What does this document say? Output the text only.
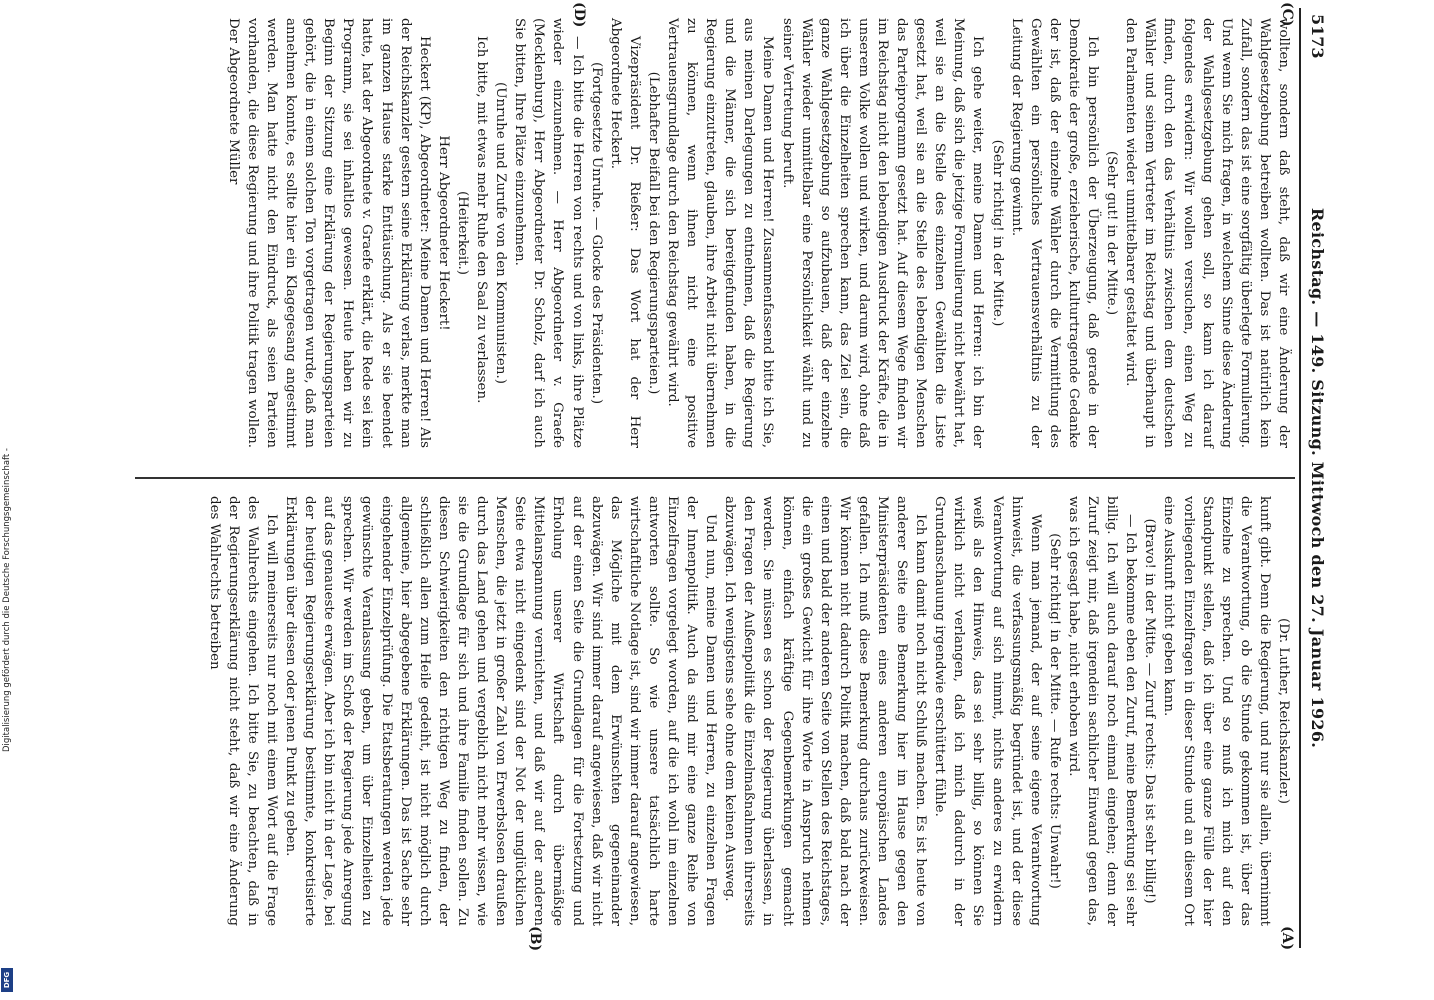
Digitalisierung gefördert durch die Deutsche Forschungsgemeinschaft -
DFG
Reichstag. — 149. Sitzung. Mittwoch den 27. Januar 1926.
5173
(A)
(B)
(C)
(D)

(Dr. Luther, Reichskanzler.)

kunft gibt. Denn die Regierung, und nur sie allein, übernimmt die Verantwortung, ob die Stunde gekommen ist, über das Einzelne zu sprechen. Und so muß ich mich auf den Standpunkt stellen, daß ich über eine ganze Fülle der hier vorliegenden Einzelfragen in dieser Stunde und an diesem Ort eine Auskunft nicht geben kann.

(Bravo! in der Mitte. — Zuruf rechts: Das ist sehr billig!)

— Ich bekomme eben den Zuruf, meine Bemerkung sei sehr billig. Ich will auch darauf noch einmal eingehen; denn der Zuruf zeigt mir, daß irgendein sachlicher Einwand gegen das, was ich gesagt habe, nicht erhoben wird.

(Sehr richtig! in der Mitte. — Rufe rechts: Unwahr!)

Wenn man jemand, der auf seine eigene Verantwortung hinweist, die verfassungsmäßig begründet ist, und der diese Verantwortung auf sich nimmt, nichts anderes zu erwidern weiß als den Hinweis, das sei sehr billig, so können Sie wirklich nicht verlangen, daß ich mich dadurch in der Grundanschauung irgendwie erschüttert fühle.

Ich kann damit noch nicht Schluß machen. Es ist heute von anderer Seite eine Bemerkung hier im Hause gegen den Ministerpräsidenten eines anderen europäischen Landes gefallen. Ich muß diese Bemerkung durchaus zurückweisen. Wir können nicht dadurch Politik machen, daß bald nach der einen und bald der anderen Seite von Stellen des Reichstages, die ein großes Gewicht für ihre Worte in Anspruch nehmen können, einfach kräftige Gegenbemerkungen gemacht werden. Sie müssen es schon der Regierung überlassen, in den Fragen der Außenpolitik die Einzelmaßnahmen ihrerseits abzuwägen. Ich wenigstens sehe ohne dem keinen Ausweg.

Und nun, meine Damen und Herren, zu einzelnen Fragen der Innenpolitik. Auch da sind mir eine ganze Reihe von Einzelfragen vorgelegt worden, auf die ich wohl im einzelnen antworten sollte. So wie unsere tatsächlich harte wirtschaftliche Notlage ist, sind wir immer darauf angewiesen, das Mögliche mit dem Erwünschten gegeneinander abzuwägen. Wir sind immer darauf angewiesen, daß wir nicht auf der einen Seite die Grundlagen für die Fortsetzung und Erholung unserer Wirtschaft durch übermäßige Mittelanspannung vernichten, und daß wir auf der anderen Seite etwa nicht eingedenk sind der Not der unglücklichen Menschen, die jetzt in großer Zahl von Erwerbslosen draußen durch das Land gehen und vergeblich nicht mehr wissen, wie sie die Grundlage für sich und ihre Familie finden sollen. Zu diesen Schwierigkeiten den richtigen Weg zu finden, der schließlich allen zum Heile gedeiht, ist nicht möglich durch allgemeine, hier abgegebene Erklärungen. Das ist Sache sehr eingehender Einzelprüfung. Die Etatsberatungen werden jede gewünschte Veranlassung geben, um über Einzelheiten zu sprechen. Wir werden im Schoß der Regierung jede Anregung auf das genaueste erwägen. Aber ich bin nicht in der Lage, bei der heutigen Regierungserklärung bestimmte, konkretisierte Erklärungen über diesen oder jenen Punkt zu geben.

Ich will meinerseits nur noch mit einem Wort auf die Frage des Wahlrechts eingehen. Ich bitte Sie, zu beachten, daß in der Regierungserklärung nicht steht, daß wir eine Änderung des Wahlrechts betreiben

wollten, sondern daß steht, daß wir eine Änderung der Wahlgesetzgebung betreiben wollten. Das ist natürlich kein Zufall, sondern das ist eine sorgfältig überlegte Formulierung. Und wenn Sie mich fragen, in welchem Sinne diese Änderung der Wahlgesetzgebung gehen soll, so kann ich darauf folgendes erwidern: Wir wollen versuchen, einen Weg zu finden, durch den das Verhältnis zwischen dem deutschen Wähler und seinem Vertreter im Reichstag und überhaupt in den Parlamenten wieder unmittelbarer gestaltet wird.

(Sehr gut! in der Mitte.)

Ich bin persönlich der Überzeugung, daß gerade in der Demokratie der große, erzieherische, kulturtragende Gedanke der ist, daß der einzelne Wähler durch die Vermittlung des Gewählten ein persönliches Vertrauensverhältnis zu der Leitung der Regierung gewinnt.

(Sehr richtig! in der Mitte.)

Ich gehe weiter, meine Damen und Herren: ich bin der Meinung, daß sich die jetzige Formulierung nicht bewährt hat, weil sie an die Stelle des einzelnen Gewählten die Liste gesetzt hat, weil sie an die Stelle des lebendigen Menschen das Parteiprogramm gesetzt hat. Auf diesem Wege finden wir im Reichstag nicht den lebendigen Ausdruck der Kräfte, die in unserem Volke wollen und wirken, und darum wird, ohne daß ich über die Einzelheiten sprechen kann, das Ziel sein, die ganze Wahlgesetzgebung so aufzubauen, daß der einzelne Wähler wieder unmittelbar eine Persönlichkeit wählt und zu seiner Vertretung beruft.

Meine Damen und Herren! Zusammenfassend bitte ich Sie, aus meinen Darlegungen zu entnehmen, daß die Regierung und die Männer, die sich bereitgefunden haben, in die Regierung einzutreten, glauben, ihre Arbeit nicht übernehmen zu können, wenn ihnen nicht eine positive Vertrauensgrundlage durch den Reichstag gewährt wird.

(Lebhafter Beifall bei den Regierungsparteien.)

Vizepräsident Dr. Rießer: Das Wort hat der Herr Abgeordnete Heckert.

(Fortgesetzte Unruhe. — Glocke des Präsidenten.)

— Ich bitte die Herren von rechts und von links, ihre Plätze wieder einzunehmen. — Herr Abgeordneter v. Graefe (Mecklenburg), Herr Abgeordneter Dr. Scholz, darf ich auch Sie bitten, Ihre Plätze einzunehmen.

(Unruhe und Zurufe von den Kommunisten.)

Ich bitte, mit etwas mehr Ruhe den Saal zu verlassen.

(Heiterkeit.)

Herr Abgeordneter Heckert!

Heckert (KP), Abgeordneter: Meine Damen und Herren! Als der Reichskanzler gestern seine Erklärung verlas, merkte man im ganzen Hause starke Enttäuschung. Als er sie beendet hatte, hat der Abgeordnete v. Graefe erklärt, die Rede sei kein Programm, sie sei inhaltlos gewesen. Heute haben wir zu Beginn der Sitzung eine Erklärung der Regierungsparteien gehört, die in einem solchen Ton vorgetragen wurde, daß man annehmen konnte, es sollte hier ein Klagegesang angestimmt werden. Man hatte nicht den Eindruck, als seien Parteien vorhanden, die diese Regierung und ihre Politik tragen wollen. Der Abgeordnete Müller
